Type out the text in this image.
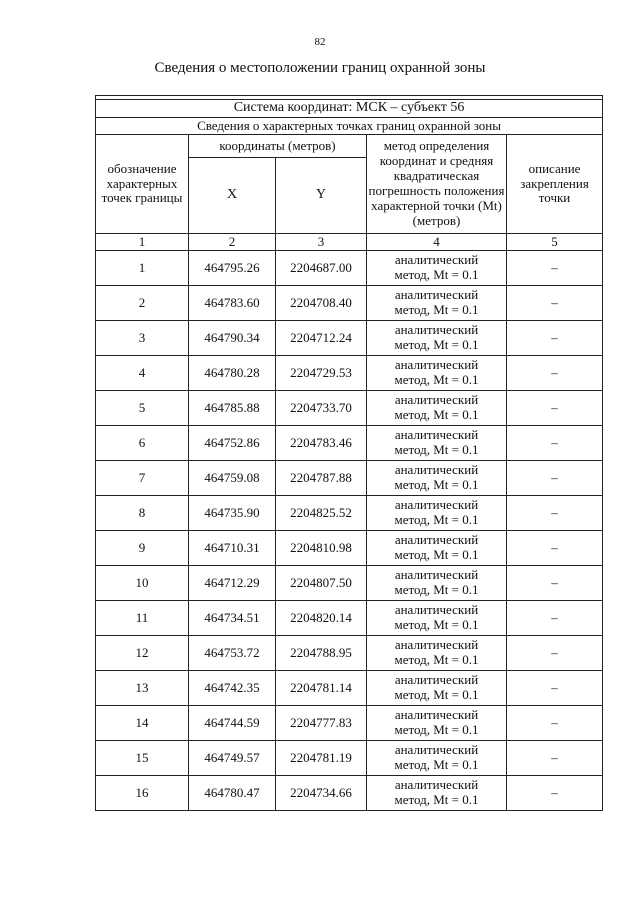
82
Сведения о местоположении границ охранной зоны

Система координат: МСК – субъект 56				
Сведения о характерных точках границ охранной зоны				
обозначение характерных точек границы	координаты (метров)		метод определения координат и средняя квадратическая погрешность положения характерной точки (Mt) (метров)	описание закрепления точки
	X	Y		
1	2	3	4	5
1	464795.26	2204687.00	аналитический
метод, Mt = 0.1	–
2	464783.60	2204708.40	аналитический
метод, Mt = 0.1	–
3	464790.34	2204712.24	аналитический
метод, Mt = 0.1	–
4	464780.28	2204729.53	аналитический
метод, Mt = 0.1	–
5	464785.88	2204733.70	аналитический
метод, Mt = 0.1	–
6	464752.86	2204783.46	аналитический
метод, Mt = 0.1	–
7	464759.08	2204787.88	аналитический
метод, Mt = 0.1	–
8	464735.90	2204825.52	аналитический
метод, Mt = 0.1	–
9	464710.31	2204810.98	аналитический
метод, Mt = 0.1	–
10	464712.29	2204807.50	аналитический
метод, Mt = 0.1	–
11	464734.51	2204820.14	аналитический
метод, Mt = 0.1	–
12	464753.72	2204788.95	аналитический
метод, Mt = 0.1	–
13	464742.35	2204781.14	аналитический
метод, Mt = 0.1	–
14	464744.59	2204777.83	аналитический
метод, Mt = 0.1	–
15	464749.57	2204781.19	аналитический
метод, Mt = 0.1	–
16	464780.47	2204734.66	аналитический
метод, Mt = 0.1	–
